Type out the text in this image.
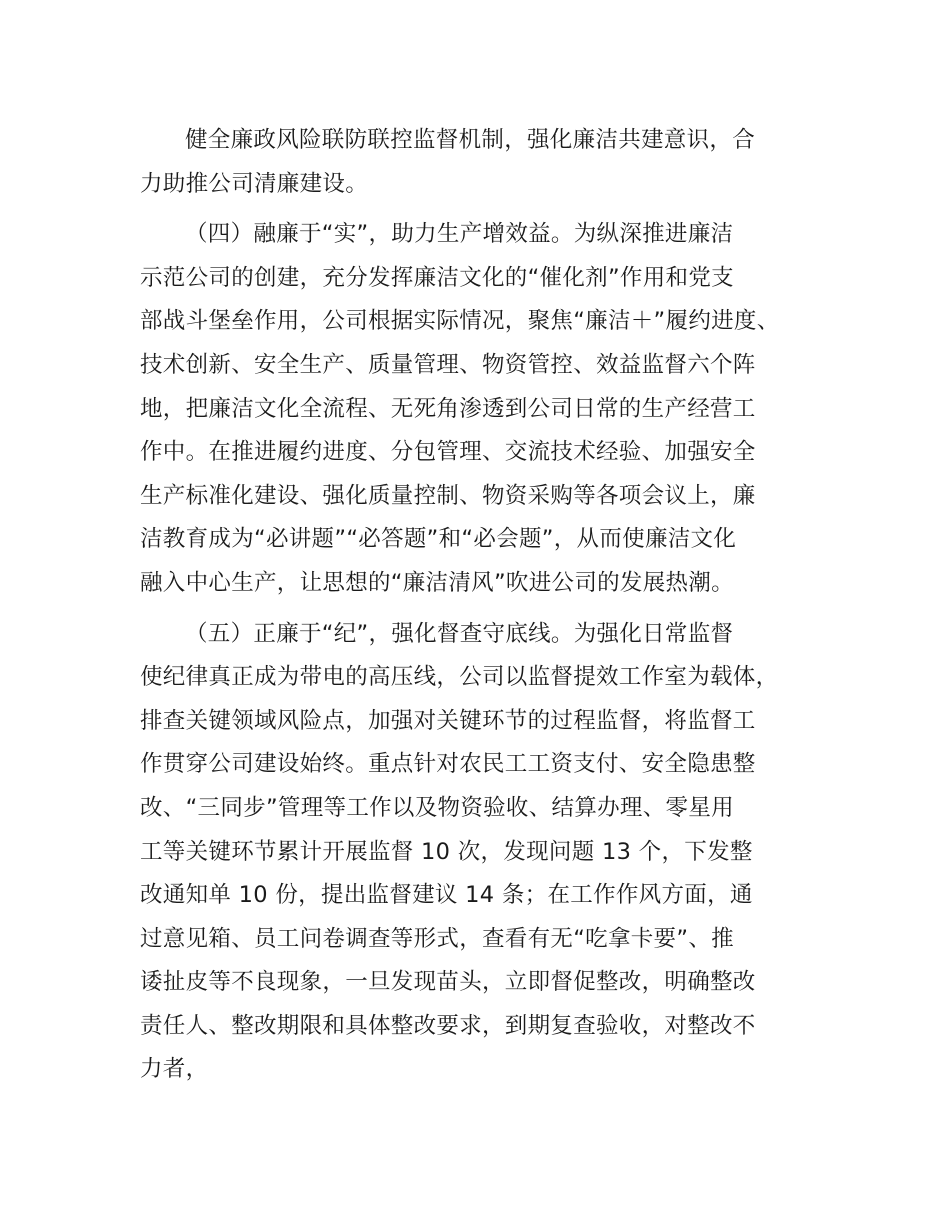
健全廉政风险联防联控监督机制，强化廉洁共建意识，合
力助推公司清廉建设。
（四）融廉于“实”，助力生产增效益。为纵深推进廉洁
示范公司的创建，充分发挥廉洁文化的“催化剂”作用和党支
部战斗堡垒作用，公司根据实际情况，聚焦“廉洁＋”履约进度、
技术创新、安全生产、质量管理、物资管控、效益监督六个阵
地，把廉洁文化全流程、无死角渗透到公司日常的生产经营工
作中。在推进履约进度、分包管理、交流技术经验、加强安全
生产标准化建设、强化质量控制、物资采购等各项会议上，廉
洁教育成为“必讲题”“必答题”和“必会题”，从而使廉洁文化
融入中心生产，让思想的“廉洁清风”吹进公司的发展热潮。
（五）正廉于“纪”，强化督查守底线。为强化日常监督
使纪律真正成为带电的高压线，公司以监督提效工作室为载体，
排查关键领域风险点，加强对关键环节的过程监督，将监督工
作贯穿公司建设始终。重点针对农民工工资支付、安全隐患整
改、“三同步”管理等工作以及物资验收、结算办理、零星用
工等关键环节累计开展监督 10 次，发现问题 13 个，下发整
改通知单 10 份，提出监督建议 14 条；在工作作风方面，通
过意见箱、员工问卷调查等形式，查看有无“吃拿卡要”、推
诿扯皮等不良现象，一旦发现苗头，立即督促整改，明确整改
责任人、整改期限和具体整改要求，到期复查验收，对整改不
力者，
